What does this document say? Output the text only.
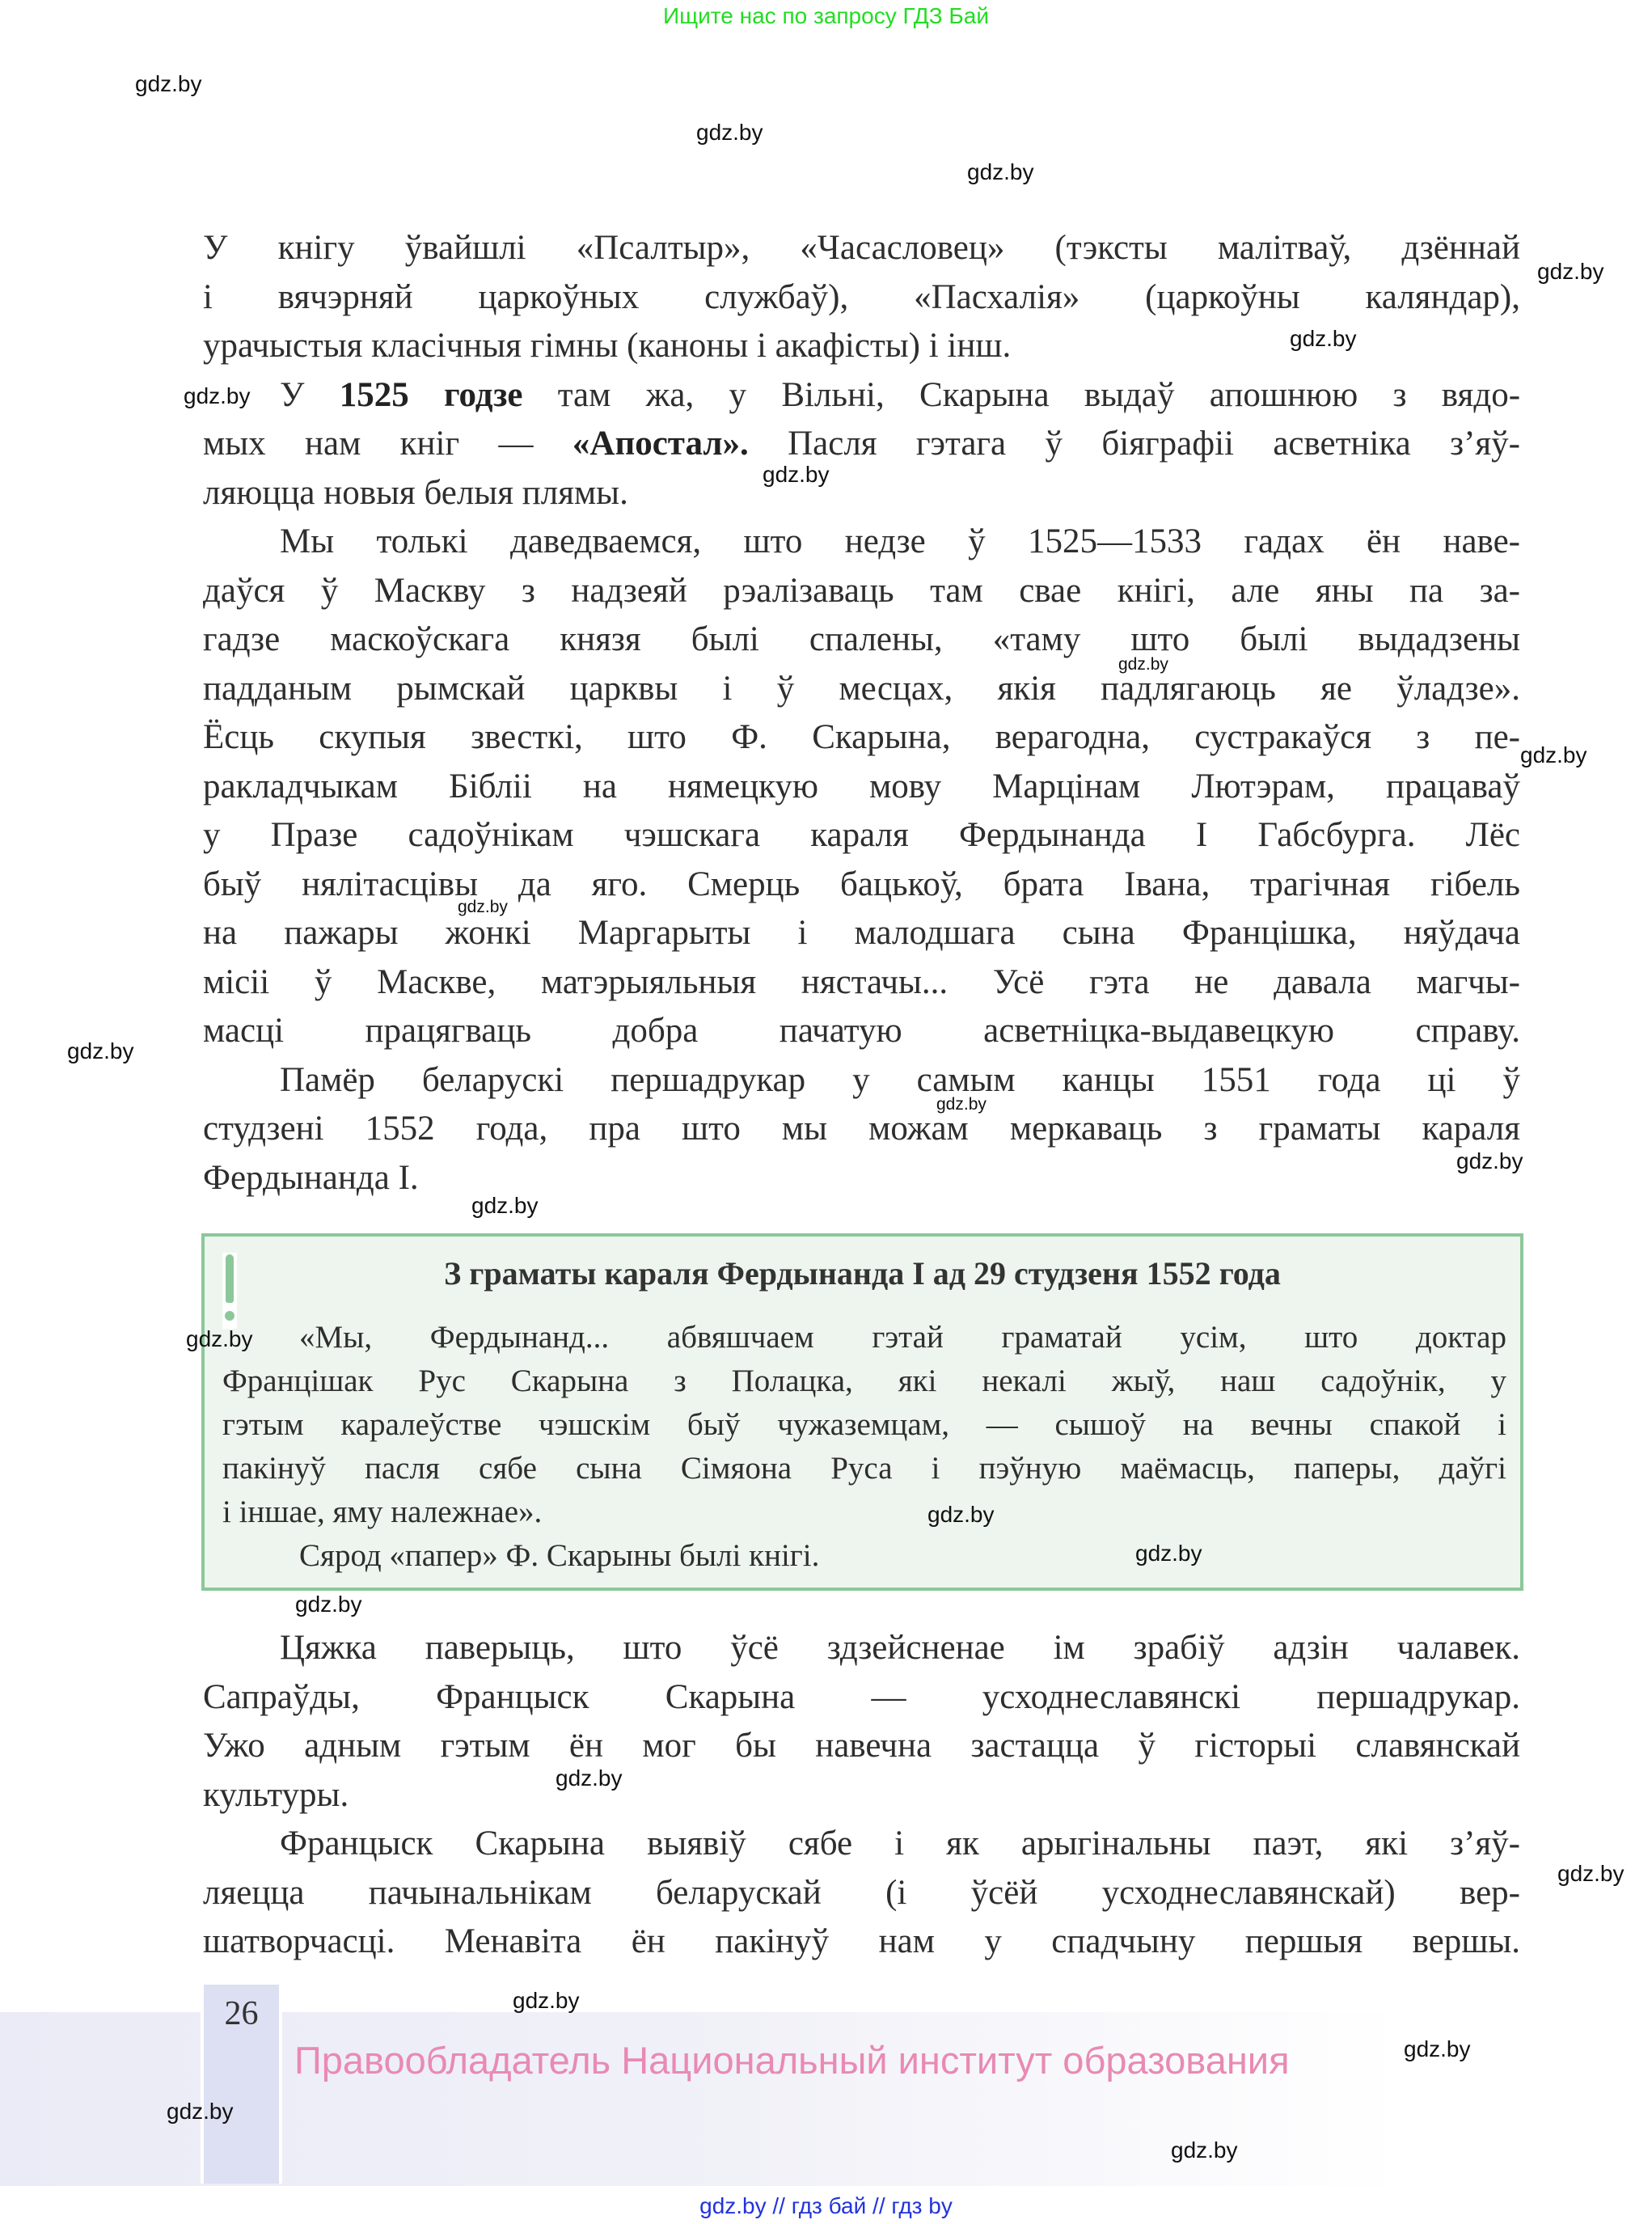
Ищите нас по запросу ГДЗ Бай
У кнігу ўвайшлі «Псалтыр», «Часасловец» (тэксты малітваў, дзённай
і вячэрняй царкоўных службаў), «Пасхалія» (царкоўны каляндар),
урачыстыя класічныя гімны (каноны і акафісты) і інш.
У 1525 годзе там жа, у Вільні, Скарына выдаў апошнюю з вядо-
мых нам кніг — «Апостал». Пасля гэтага ў біяграфіі асветніка з’яў-
ляюцца новыя белыя плямы.
Мы толькі даведваемся, што недзе ў 1525—1533 гадах ён наве-
даўся ў Маскву з надзеяй рэалізаваць там свае кнігі, але яны па за-
гадзе маскоўскага князя былі спалены, «таму што былі выдадзены
падданым рымскай царквы і ў месцах, якія падлягаюць яе ўладзе».
Ёсць скупыя звесткі, што Ф. Скарына, верагодна, сустракаўся з пе-
ракладчыкам Бібліі на нямецкую мову Марцінам Лютэрам, працаваў
у Празе садоўнікам чэшскага караля Фердынанда I Габсбурга. Лёс
быў нялітасцівы да яго. Смерць бацькоў, брата Івана, трагічная гібель
на пажары жонкі Маргарыты і малодшага сына Францішка, няўдача
місіі ў Маскве, матэрыяльныя нястачы... Усё гэта не давала магчы-
масці працягваць добра пачатую асветніцка-выдавецкую справу.
Памёр беларускі першадрукар у самым канцы 1551 года ці ў
студзені 1552 года, пра што мы можам меркаваць з граматы караля
Фердынанда I.
З граматы караля Фердынанда I ад 29 студзеня 1552 года
«Мы, Фердынанд... абвяшчаем гэтай граматай усім, што доктар
Францішак Рус Скарына з Полацка, які некалі жыў, наш садоўнік, у
гэтым каралеўстве чэшскім быў чужаземцам, — сышоў на вечны спакой і
пакінуў пасля сябе сына Сімяона Руса і пэўную маёмасць, паперы, даўгі
і іншае, яму належнае».
Сярод «папер» Ф. Скарыны былі кнігі.
Цяжка паверыць, што ўсё здзейсненае ім зрабіў адзін чалавек.
Сапраўды, Францыск Скарына — усходнеславянскі першадрукар.
Ужо адным гэтым ён мог бы навечна застацца ў гісторыі славянскай
культуры.
Францыск Скарына выявіў сябе і як арыгінальны паэт, які з’яў-
ляецца пачынальнікам беларускай (і ўсёй усходнеславянскай) вер-
шатворчасці. Менавіта ён пакінуў нам у спадчыну першыя вершы.
26
Правообладатель Национальный институт образования
gdz.by // гдз бай // гдз by
gdz.by
gdz.by
gdz.by
gdz.by
gdz.by
gdz.by
gdz.by
gdz.by
gdz.by
gdz.by
gdz.by
gdz.by
gdz.by
gdz.by
gdz.by
gdz.by
gdz.by
gdz.by
gdz.by
gdz.by
gdz.by
gdz.by
gdz.by
gdz.by
